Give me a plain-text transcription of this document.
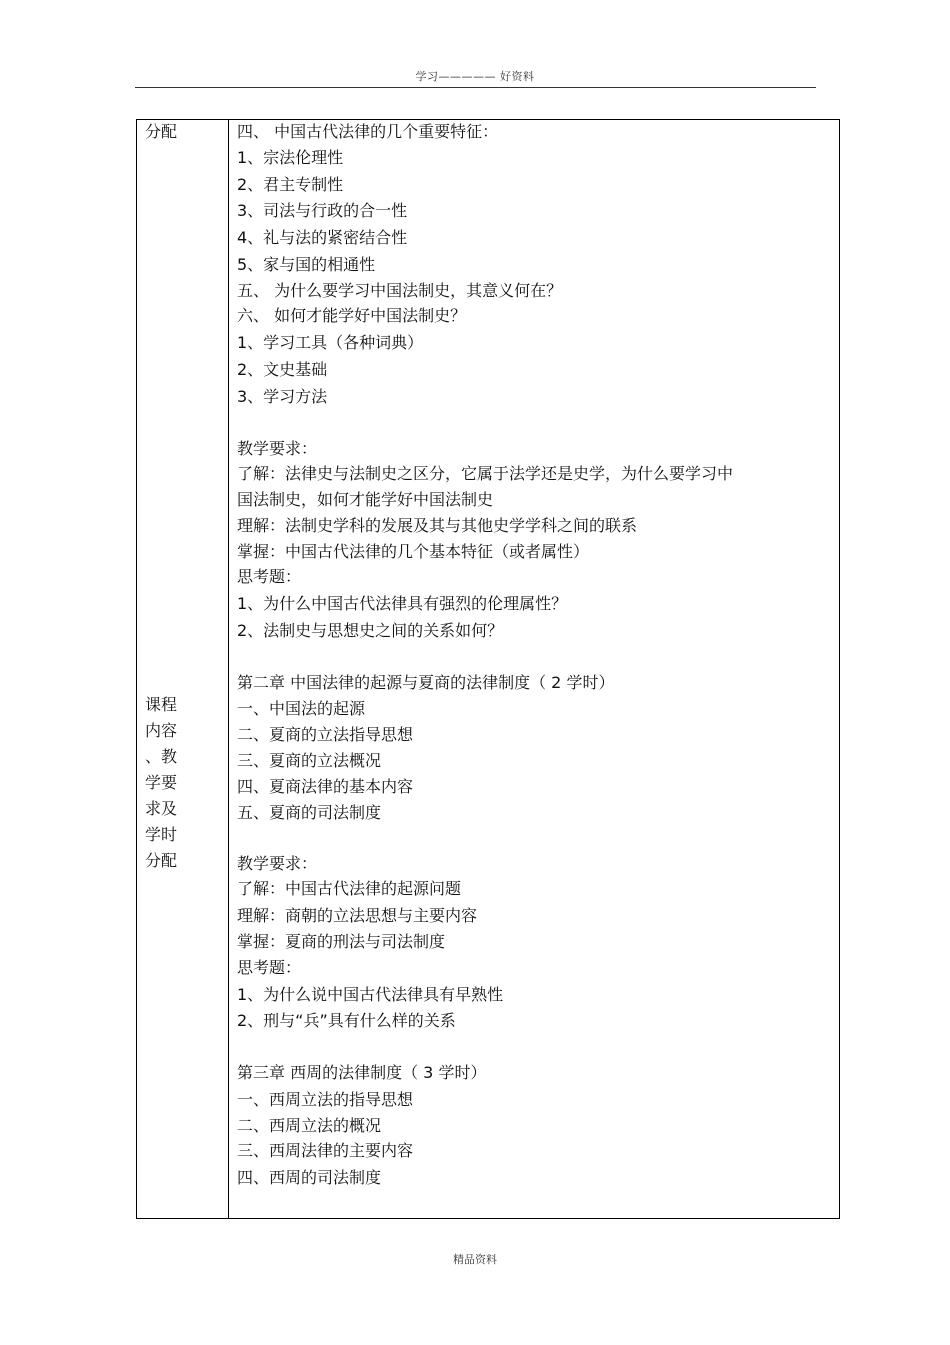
学习————— 好资料
分配
课程
内容
、教
学要
求及
学时
分配
四、 中国古代法律的几个重要特征：
1、宗法伦理性
2、君主专制性
3、司法与行政的合一性
4、礼与法的紧密结合性
5、家与国的相通性
五、 为什么要学习中国法制史，其意义何在？
六、 如何才能学好中国法制史？
1、学习工具（各种词典）
2、文史基础
3、学习方法
教学要求：
了解：法律史与法制史之区分，它属于法学还是史学，为什么要学习中
国法制史，如何才能学好中国法制史
理解：法制史学科的发展及其与其他史学学科之间的联系
掌握：中国古代法律的几个基本特征（或者属性）
思考题：
1、为什么中国古代法律具有强烈的伦理属性？
2、法制史与思想史之间的关系如何？
第二章 中国法律的起源与夏商的法律制度（ 2 学时）
一、中国法的起源
二、夏商的立法指导思想
三、夏商的立法概况
四、夏商法律的基本内容
五、夏商的司法制度
教学要求：
了解：中国古代法律的起源问题
理解：商朝的立法思想与主要内容
掌握：夏商的刑法与司法制度
思考题：
1、为什么说中国古代法律具有早熟性
2、刑与“兵”具有什么样的关系
第三章 西周的法律制度（ 3 学时）
一、西周立法的指导思想
二、西周立法的概况
三、西周法律的主要内容
四、西周的司法制度
精品资料
